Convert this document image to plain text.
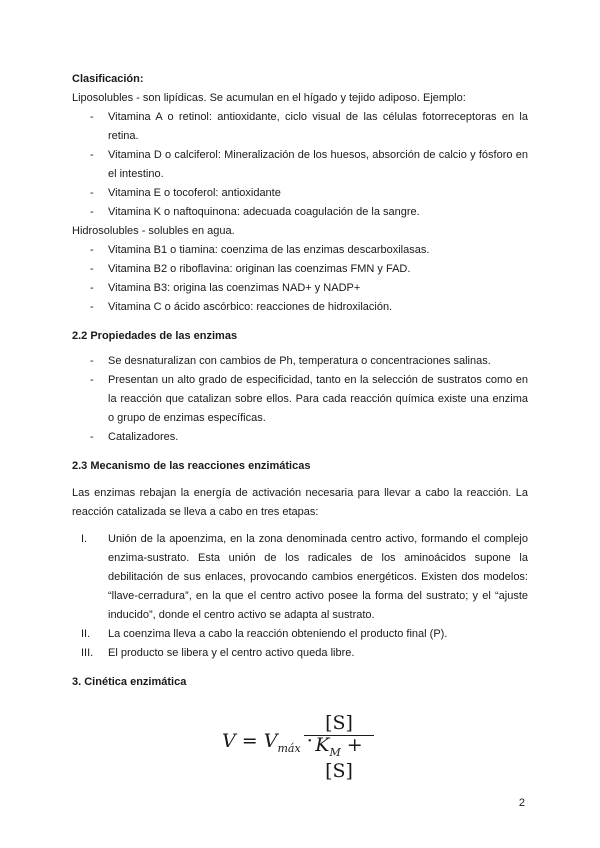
Clasificación:

Liposolubles - son lipídicas. Se acumulan en el hígado y tejido adiposo. Ejemplo:

- Vitamina A o retinol: antioxidante, ciclo visual de las células fotorreceptoras en la retina.
- Vitamina D o calciferol: Mineralización de los huesos, absorción de calcio y fósforo en el intestino.
- Vitamina E o tocoferol: antioxidante
- Vitamina K o naftoquinona: adecuada coagulación de la sangre.

Hidrosolubles - solubles en agua.

- Vitamina B1 o tiamina: coenzima de las enzimas descarboxilasas.
- Vitamina B2 o riboflavina: originan las coenzimas FMN y FAD.
- Vitamina B3: origina las coenzimas NAD+ y NADP+
- Vitamina C o ácido ascórbico: reacciones de hidroxilación.

2.2 Propiedades de las enzimas

- Se desnaturalizan con cambios de Ph, temperatura o concentraciones salinas.
- Presentan un alto grado de especificidad, tanto en la selección de sustratos como en la reacción que catalizan sobre ellos. Para cada reacción química existe una enzima o grupo de enzimas específicas.
- Catalizadores.

2.3 Mecanismo de las reacciones enzimáticas

Las enzimas rebajan la energía de activación necesaria para llevar a cabo la reacción. La reacción catalizada se lleva a cabo en tres etapas:

I.	Unión de la apoenzima, en la zona denominada centro activo, formando el complejo enzima-sustrato. Esta unión de los radicales de los aminoácidos supone la debilitación de sus enlaces, provocando cambios energéticos. Existen dos modelos: “llave-cerradura”, en la que el centro activo posee la forma del sustrato; y el “ajuste inducido”, donde el centro activo se adapta al sustrato.
II.	La coenzima lleva a cabo la reacción obteniendo el producto final (P).
III.	El producto se libera y el centro activo queda libre.

3. Cinética enzimática

$V = V_{máx}$ ·
$\frac{[S]}{K_M + [S]}$
2
